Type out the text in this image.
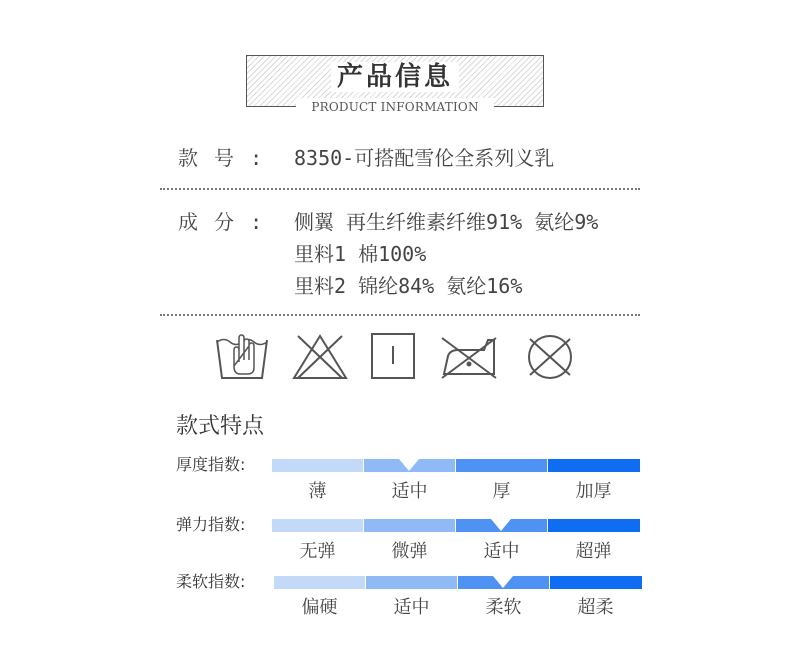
产品信息
PRODUCT INFORMATION
款 号 : 8350-可搭配雪伦全系列义乳
成 分 : 侧翼 再生纤维素纤维91% 氨纶9%
里料1 棉100%
里料2 锦纶84% 氨纶16%
款式特点
厚度指数:
薄	适中	厚	加厚
弹力指数:
无弹	微弹	适中	超弹
柔软指数:
偏硬	适中	柔软	超柔
